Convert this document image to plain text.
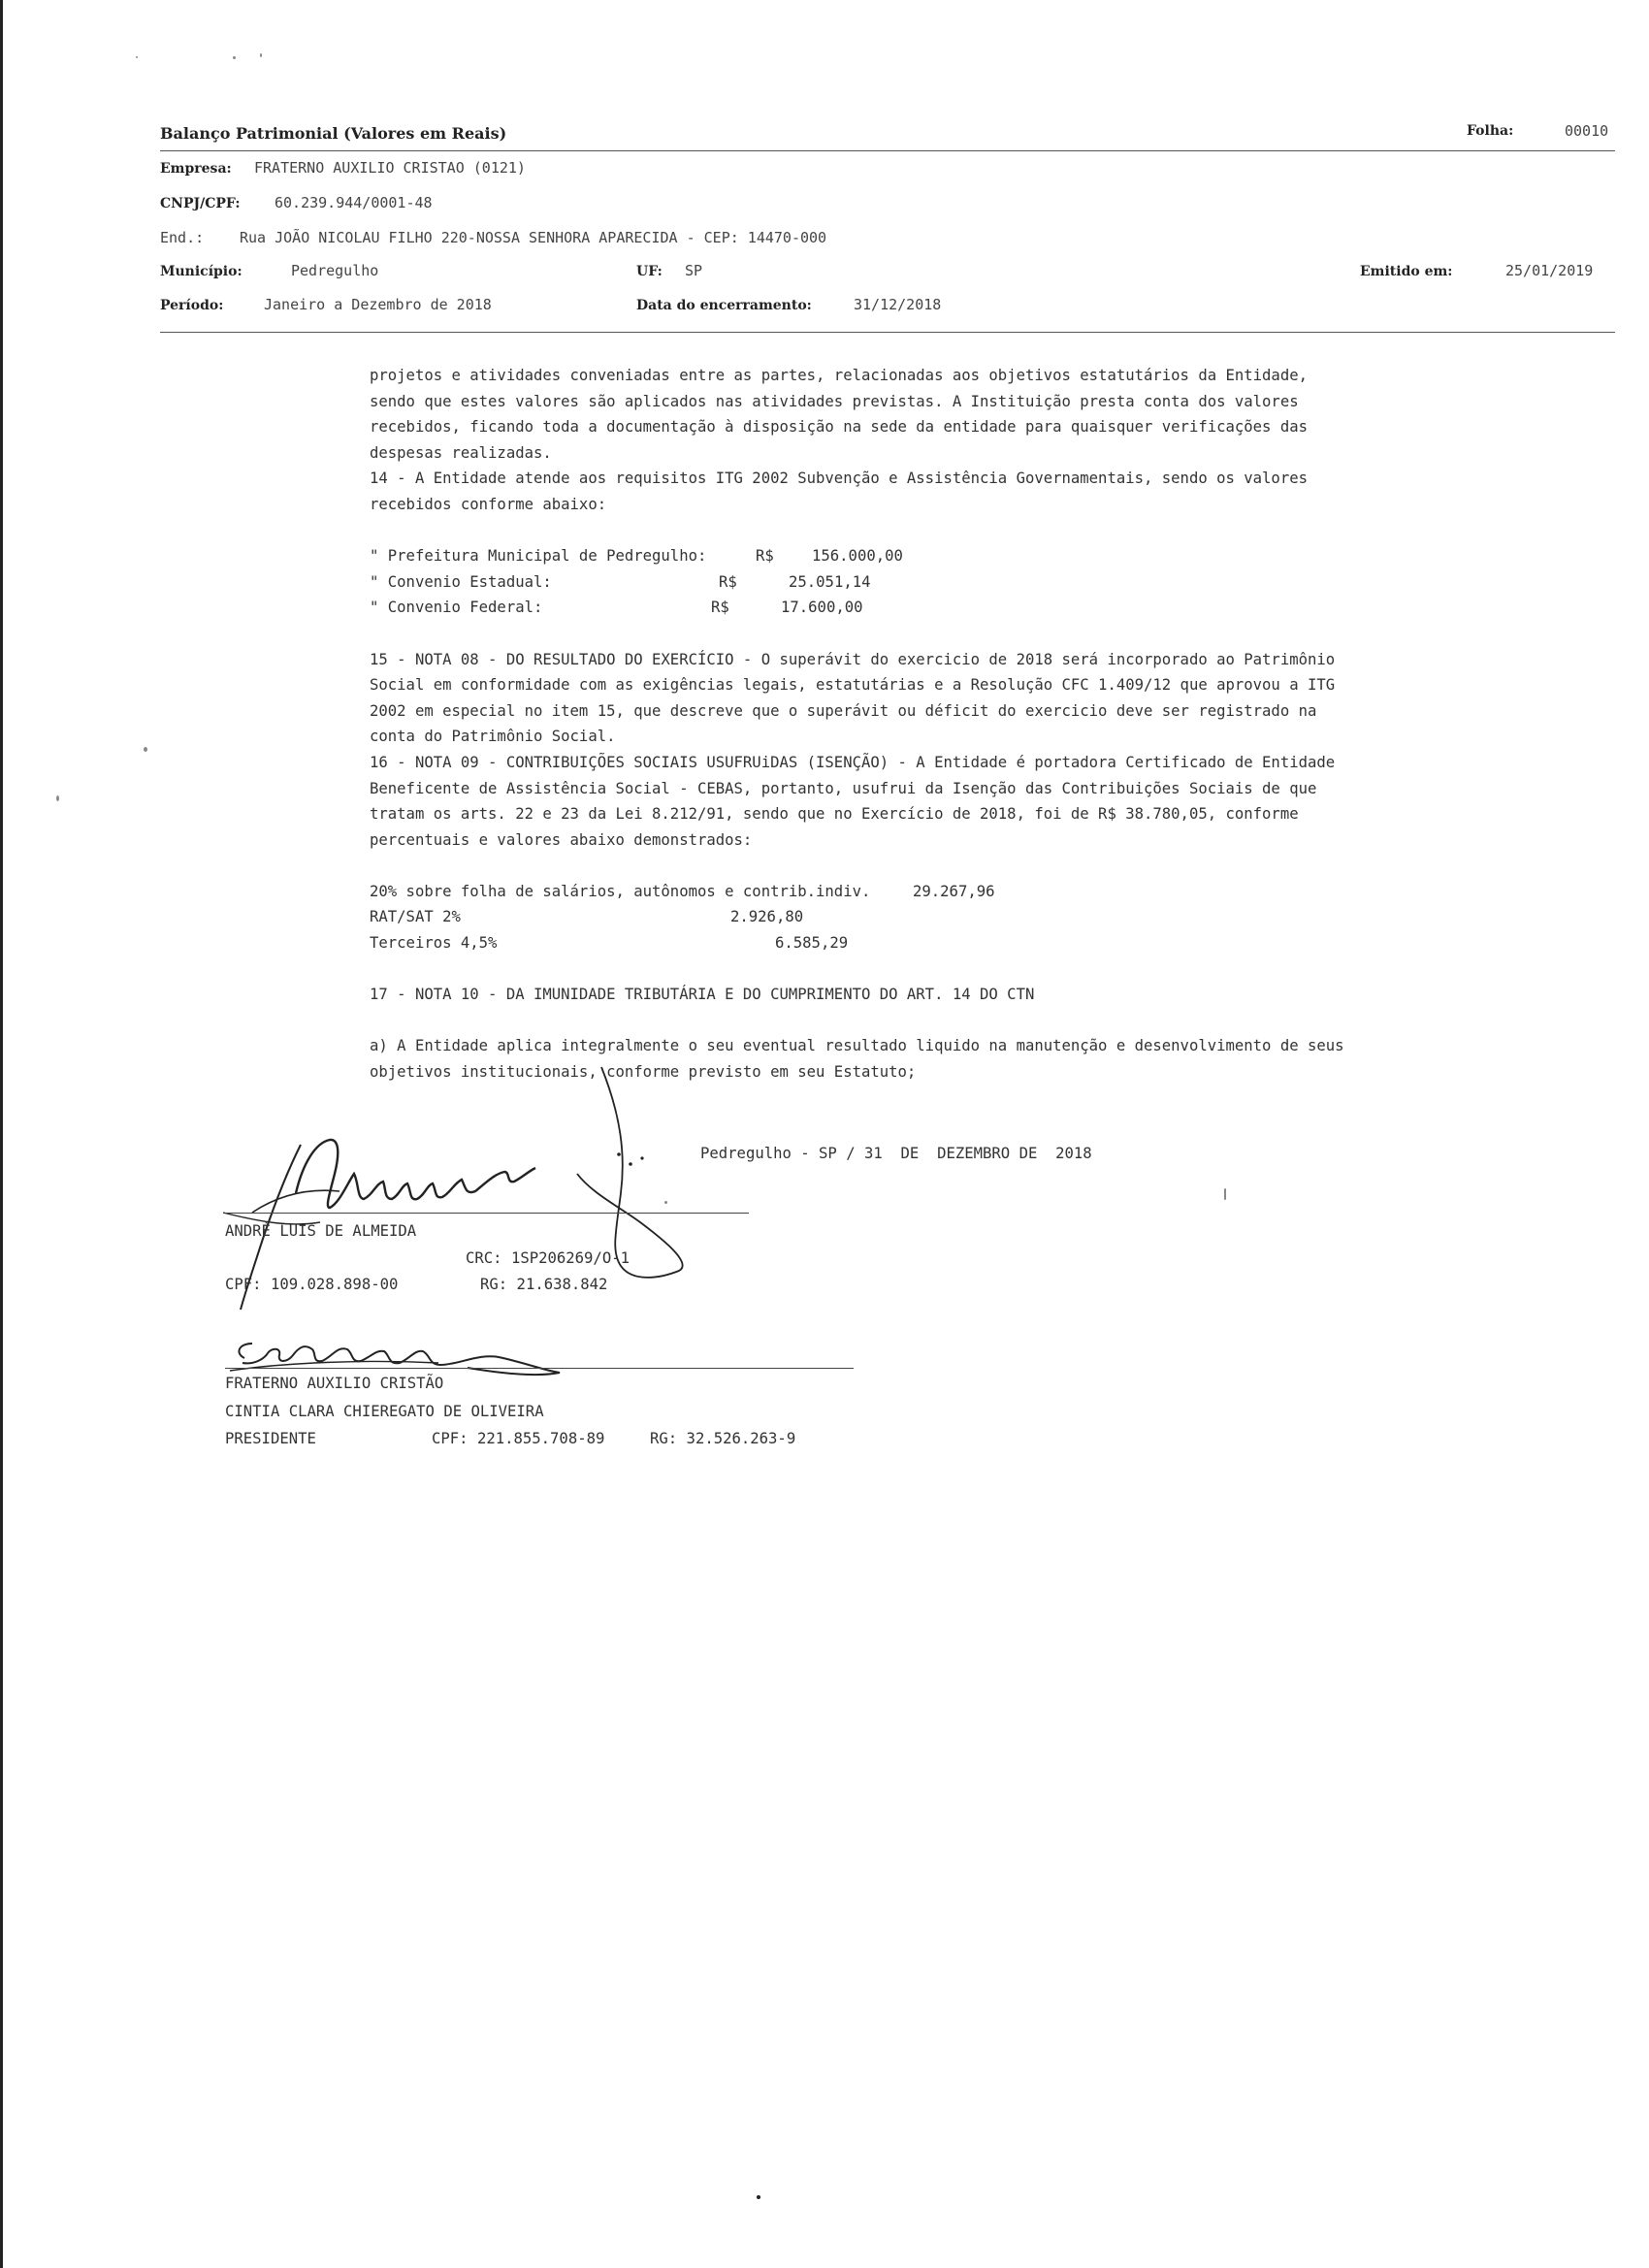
Balanço Patrimonial (Valores em Reais)	Folha:	00010
Empresa: FRATERNO AUXILIO CRISTAO (0121)
CNPJ/CPF: 60.239.944/0001-48
End.: Rua JOÃO NICOLAU FILHO 220-NOSSA SENHORA APARECIDA - CEP: 14470-000
Município:	Pedregulho	UF: SP	Emitido em:	25/01/2019
Período:	Janeiro a Dezembro de 2018	Data do encerramento:	31/12/2018

projetos e atividades conveniadas entre as partes, relacionadas aos objetivos estatutários da Entidade, sendo que estes valores são aplicados nas atividades previstas. A Instituição presta conta dos valores recebidos, ficando toda a documentação à disposição na sede da entidade para quaisquer verificações das despesas realizadas.

14 - A Entidade atende aos requisitos ITG 2002 Subvenção e Assistência Governamentais, sendo os valores recebidos conforme abaixo:

" Prefeitura Municipal de Pedregulho:	R$	156.000,00
" Convenio Estadual:	R$	25.051,14
" Convenio Federal:	R$	17.600,00

15 - NOTA 08 - DO RESULTADO DO EXERCÍCIO - O superávit do exercicio de 2018 será incorporado ao Patrimônio Social em conformidade com as exigências legais, estatutárias e a Resolução CFC 1.409/12 que aprovou a ITG 2002 em especial no item 15, que descreve que o superávit ou déficit do exercicio deve ser registrado na conta do Patrimônio Social.

16 - NOTA 09 - CONTRIBUIÇÕES SOCIAIS USUFRUiDAS (ISENÇÃO) - A Entidade é portadora Certificado de Entidade Beneficente de Assistência Social - CEBAS, portanto, usufrui da Isenção das Contribuições Sociais de que tratam os arts. 22 e 23 da Lei 8.212/91, sendo que no Exercício de 2018, foi de R$ 38.780,05, conforme percentuais e valores abaixo demonstrados:

20% sobre folha de salários, autônomos e contrib.indiv.	29.267,96
RAT/SAT 2%	2.926,80
Terceiros 4,5%	6.585,29

17 - NOTA 10 - DA IMUNIDADE TRIBUTÁRIA E DO CUMPRIMENTO DO ART. 14 DO CTN

a) A Entidade aplica integralmente o seu eventual resultado liquido na manutenção e desenvolvimento de seus objetivos institucionais, conforme previsto em seu Estatuto;

Pedregulho - SP / 31  DE  DEZEMBRO DE  2018
ANDRÉ LUIS DE ALMEIDA
CRC: 1SP206269/O-1
CPF: 109.028.898-00	RG: 21.638.842
FRATERNO AUXILIO CRISTÃO
CINTIA CLARA CHIEREGATO DE OLIVEIRA
PRESIDENTE	CPF: 221.855.708-89	RG: 32.526.263-9
